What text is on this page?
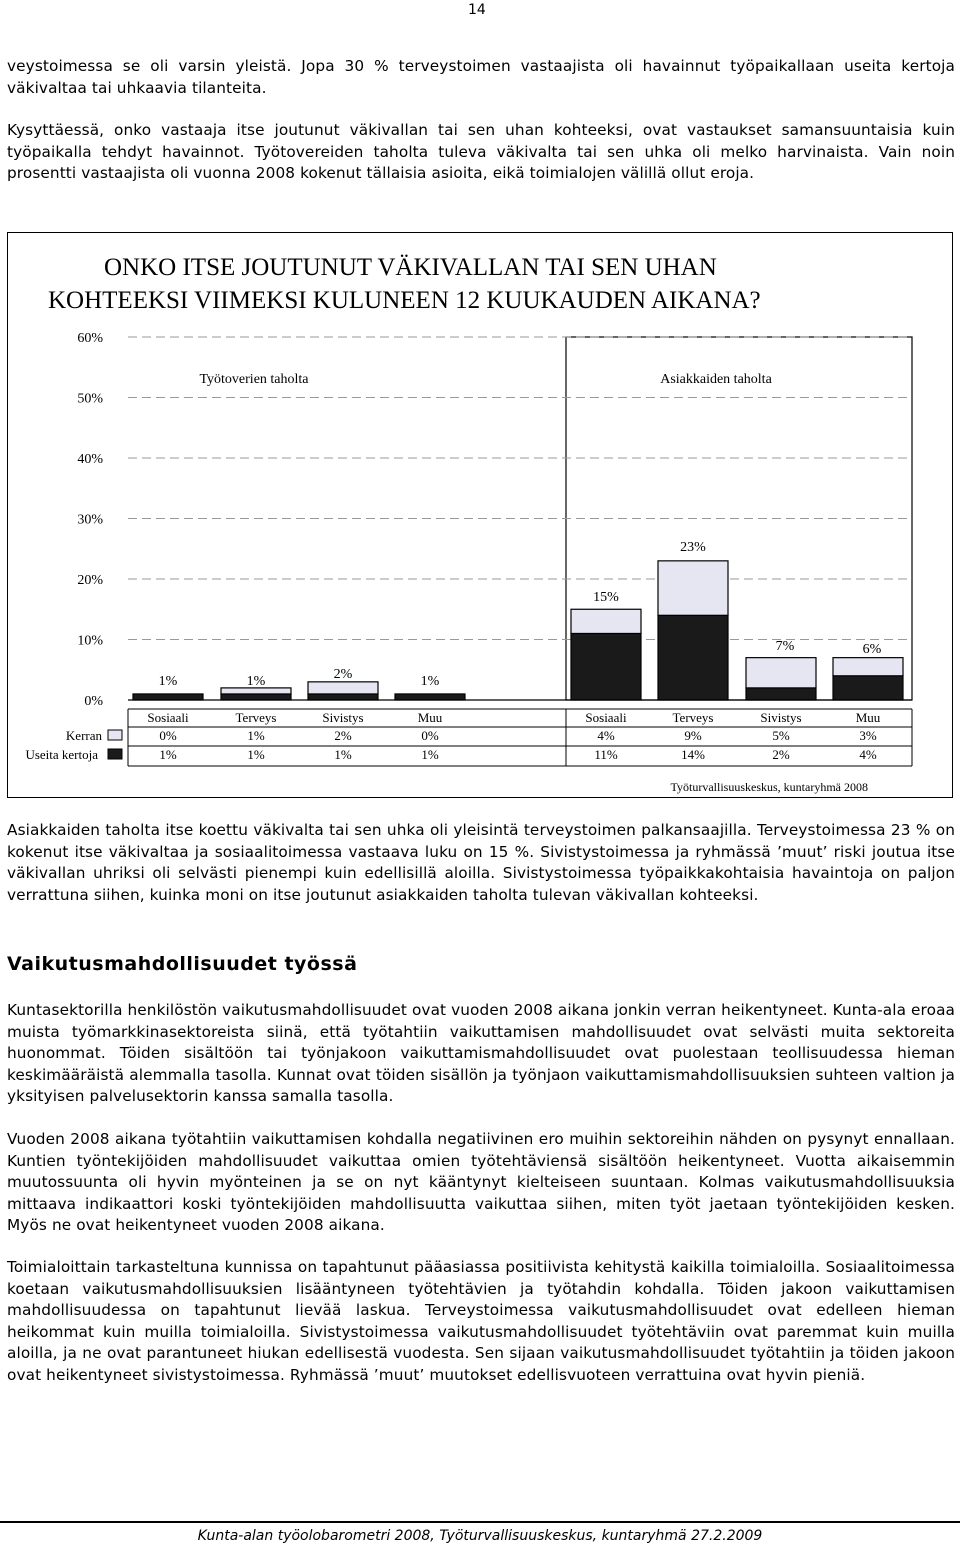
14

veystoimessa se oli varsin yleistä. Jopa 30 % terveystoimen vastaajista oli havainnut työpaikallaan useita kertoja väkivaltaa tai uhkaavia tilanteita.

Kysyttäessä, onko vastaaja itse joutunut väkivallan tai sen uhan kohteeksi, ovat vastaukset samansuuntaisia kuin työpaikalla tehdyt havainnot. Työtovereiden taholta tuleva väkivalta tai sen uhka oli melko harvinaista. Vain noin prosentti vastaajista oli vuonna 2008 kokenut tällaisia asioita, eikä toimialojen välillä ollut eroja.

ONKO ITSE JOUTUNUT VÄKIVALLAN TAI SEN UHAN
KOHTEEKSI VIIMEKSI KULUNEEN 12 KUUKAUDEN AIKANA?
0%
10%
20%
30%
40%
50%
60%
Työtoverien taholta	Asiakkaiden taholta
1%
Sosiaali
0%
1%
1%
Terveys
1%
1%
2%
Sivistys
2%
1%
1%
Muu
0%
1%
15%
Sosiaali
4%
11%
23%
Terveys
9%
14%
7%
Sivistys
5%
2%
6%
Muu
3%
4%
Kerran
Useita kertoja
Työturvallisuuskeskus, kuntaryhmä 2008

Asiakkaiden taholta itse koettu väkivalta tai sen uhka oli yleisintä terveystoimen palkansaajilla. Terveystoimessa 23 % on kokenut itse väkivaltaa ja sosiaalitoimessa vastaava luku on 15 %. Sivistystoimessa ja ryhmässä ’muut’ riski joutua itse väkivallan uhriksi oli selvästi pienempi kuin edellisillä aloilla. Sivistystoimessa työpaikkakohtaisia havaintoja on paljon verrattuna siihen, kuinka moni on itse joutunut asiakkaiden taholta tulevan väkivallan kohteeksi.

Vaikutusmahdollisuudet työssä

Kuntasektorilla henkilöstön vaikutusmahdollisuudet ovat vuoden 2008 aikana jonkin verran heikentyneet. Kunta-ala eroaa muista työmarkkinasektoreista siinä, että työtahtiin vaikuttamisen mahdollisuudet ovat selvästi muita sektoreita huonommat. Töiden sisältöön tai työnjakoon vaikuttamismahdollisuudet ovat puolestaan teollisuudessa hieman keskimääräistä alemmalla tasolla. Kunnat ovat töiden sisällön ja työnjaon vaikuttamismahdollisuuksien suhteen valtion ja yksityisen palvelusektorin kanssa samalla tasolla.

Vuoden 2008 aikana työtahtiin vaikuttamisen kohdalla negatiivinen ero muihin sektoreihin nähden on pysynyt ennallaan. Kuntien työntekijöiden mahdollisuudet vaikuttaa omien työtehtäviensä sisältöön heikentyneet. Vuotta aikaisemmin muutossuunta oli hyvin myönteinen ja se on nyt kääntynyt kielteiseen suuntaan. Kolmas vaikutusmahdollisuuksia mittaava indikaattori koski työntekijöiden mahdollisuutta vaikuttaa siihen, miten työt jaetaan työntekijöiden kesken. Myös ne ovat heikentyneet vuoden 2008 aikana.

Toimialoittain tarkasteltuna kunnissa on tapahtunut pääasiassa positiivista kehitystä kaikilla toimialoilla. Sosiaalitoimessa koetaan vaikutusmahdollisuuksien lisääntyneen työtehtävien ja työtahdin kohdalla. Töiden jakoon vaikuttamisen mahdollisuudessa on tapahtunut lievää laskua. Terveystoimessa vaikutusmahdollisuudet ovat edelleen hieman heikommat kuin muilla toimialoilla. Sivistystoimessa vaikutusmahdollisuudet työtehtäviin ovat paremmat kuin muilla aloilla, ja ne ovat parantuneet hiukan edellisestä vuodesta. Sen sijaan vaikutusmahdollisuudet työtahtiin ja töiden jakoon ovat heikentyneet sivistystoimessa. Ryhmässä ’muut’ muutokset edellisvuoteen verrattuina ovat hyvin pieniä.

Kunta-alan työolobarometri 2008, Työturvallisuuskeskus, kuntaryhmä 27.2.2009
